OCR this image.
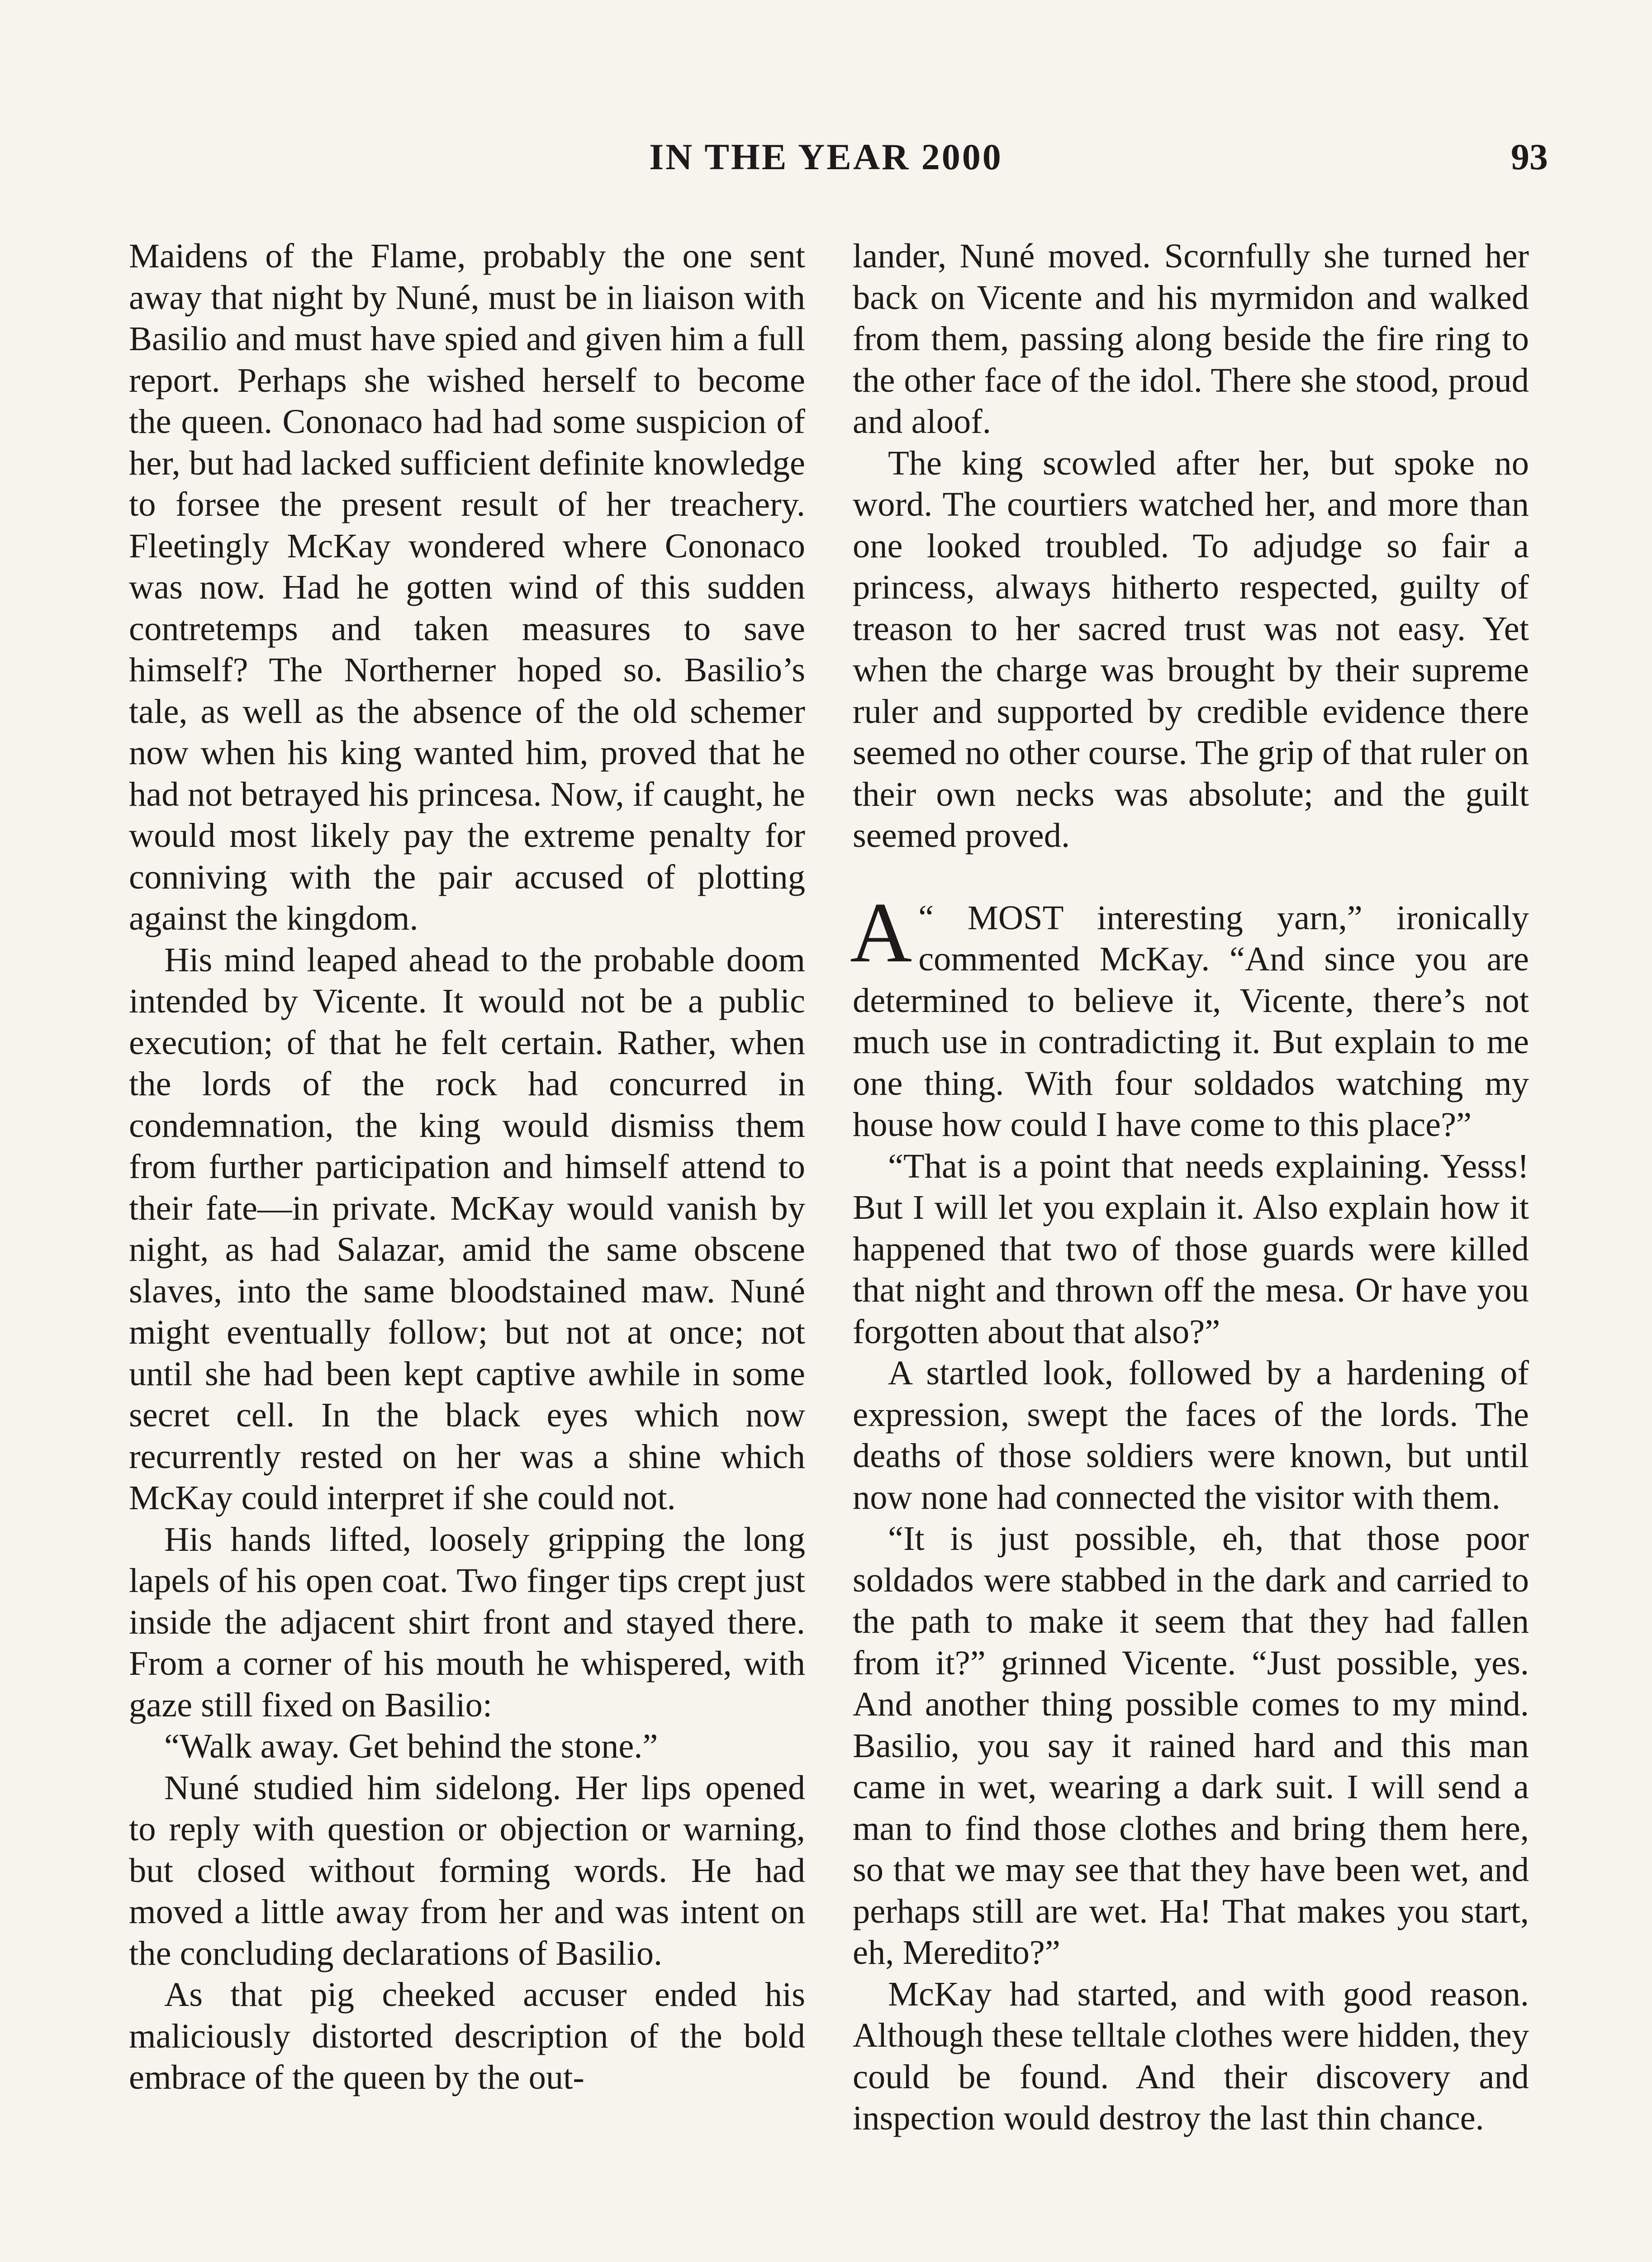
IN THE YEAR 2000	93

Maidens of the Flame, probably the one sent away that night by Nuné, must be in liaison with Basilio and must have spied and given him a full report. Perhaps she wished herself to become the queen. Cononaco had had some suspicion of her, but had lacked sufficient definite knowledge to forsee the present result of her treachery. Fleetingly McKay wondered where Cononaco was now. Had he gotten wind of this sudden contretemps and taken measures to save himself? The Northerner hoped so. Basilio’s tale, as well as the absence of the old schemer now when his king wanted him, proved that he had not betrayed his princesa. Now, if caught, he would most likely pay the extreme penalty for conniving with the pair accused of plotting against the kingdom.

His mind leaped ahead to the probable doom intended by Vicente. It would not be a public execution; of that he felt certain. Rather, when the lords of the rock had concurred in condemnation, the king would dismiss them from further participation and himself attend to their fate—in private. McKay would vanish by night, as had Salazar, amid the same obscene slaves, into the same bloodstained maw. Nuné might eventually follow; but not at once; not until she had been kept captive awhile in some secret cell. In the black eyes which now recurrently rested on her was a shine which McKay could interpret if she could not.

His hands lifted, loosely gripping the long lapels of his open coat. Two finger tips crept just inside the adjacent shirt front and stayed there. From a corner of his mouth he whispered, with gaze still fixed on Basilio:

“Walk away. Get behind the stone.”

Nuné studied him sidelong. Her lips opened to reply with question or objection or warning, but closed without forming words. He had moved a little away from her and was intent on the concluding declarations of Basilio.

As that pig cheeked accuser ended his maliciously distorted description of the bold embrace of the queen by the out-

lander, Nuné moved. Scornfully she turned her back on Vicente and his myrmidon and walked from them, passing along beside the fire ring to the other face of the idol. There she stood, proud and aloof.

The king scowled after her, but spoke no word. The courtiers watched her, and more than one looked troubled. To adjudge so fair a princess, always hitherto respected, guilty of treason to her sacred trust was not easy. Yet when the charge was brought by their supreme ruler and supported by credible evidence there seemed no other course. The grip of that ruler on their own necks was absolute; and the guilt seemed proved.

“
A MOST interesting yarn,” ironically commented McKay. “And since you are determined to believe it, Vicente, there’s not much use in contradicting it. But explain to me one thing. With four soldados watching my house how could I have come to this place?”

“That is a point that needs explaining. Yesss! But I will let you explain it. Also explain how it happened that two of those guards were killed that night and thrown off the mesa. Or have you forgotten about that also?”

A startled look, followed by a hardening of expression, swept the faces of the lords. The deaths of those soldiers were known, but until now none had connected the visitor with them.

“It is just possible, eh, that those poor soldados were stabbed in the dark and carried to the path to make it seem that they had fallen from it?” grinned Vicente. “Just possible, yes. And another thing possible comes to my mind. Basilio, you say it rained hard and this man came in wet, wearing a dark suit. I will send a man to find those clothes and bring them here, so that we may see that they have been wet, and perhaps still are wet. Ha! That makes you start, eh, Meredito?”

McKay had started, and with good reason. Although these telltale clothes were hidden, they could be found. And their discovery and inspection would destroy the last thin chance.
